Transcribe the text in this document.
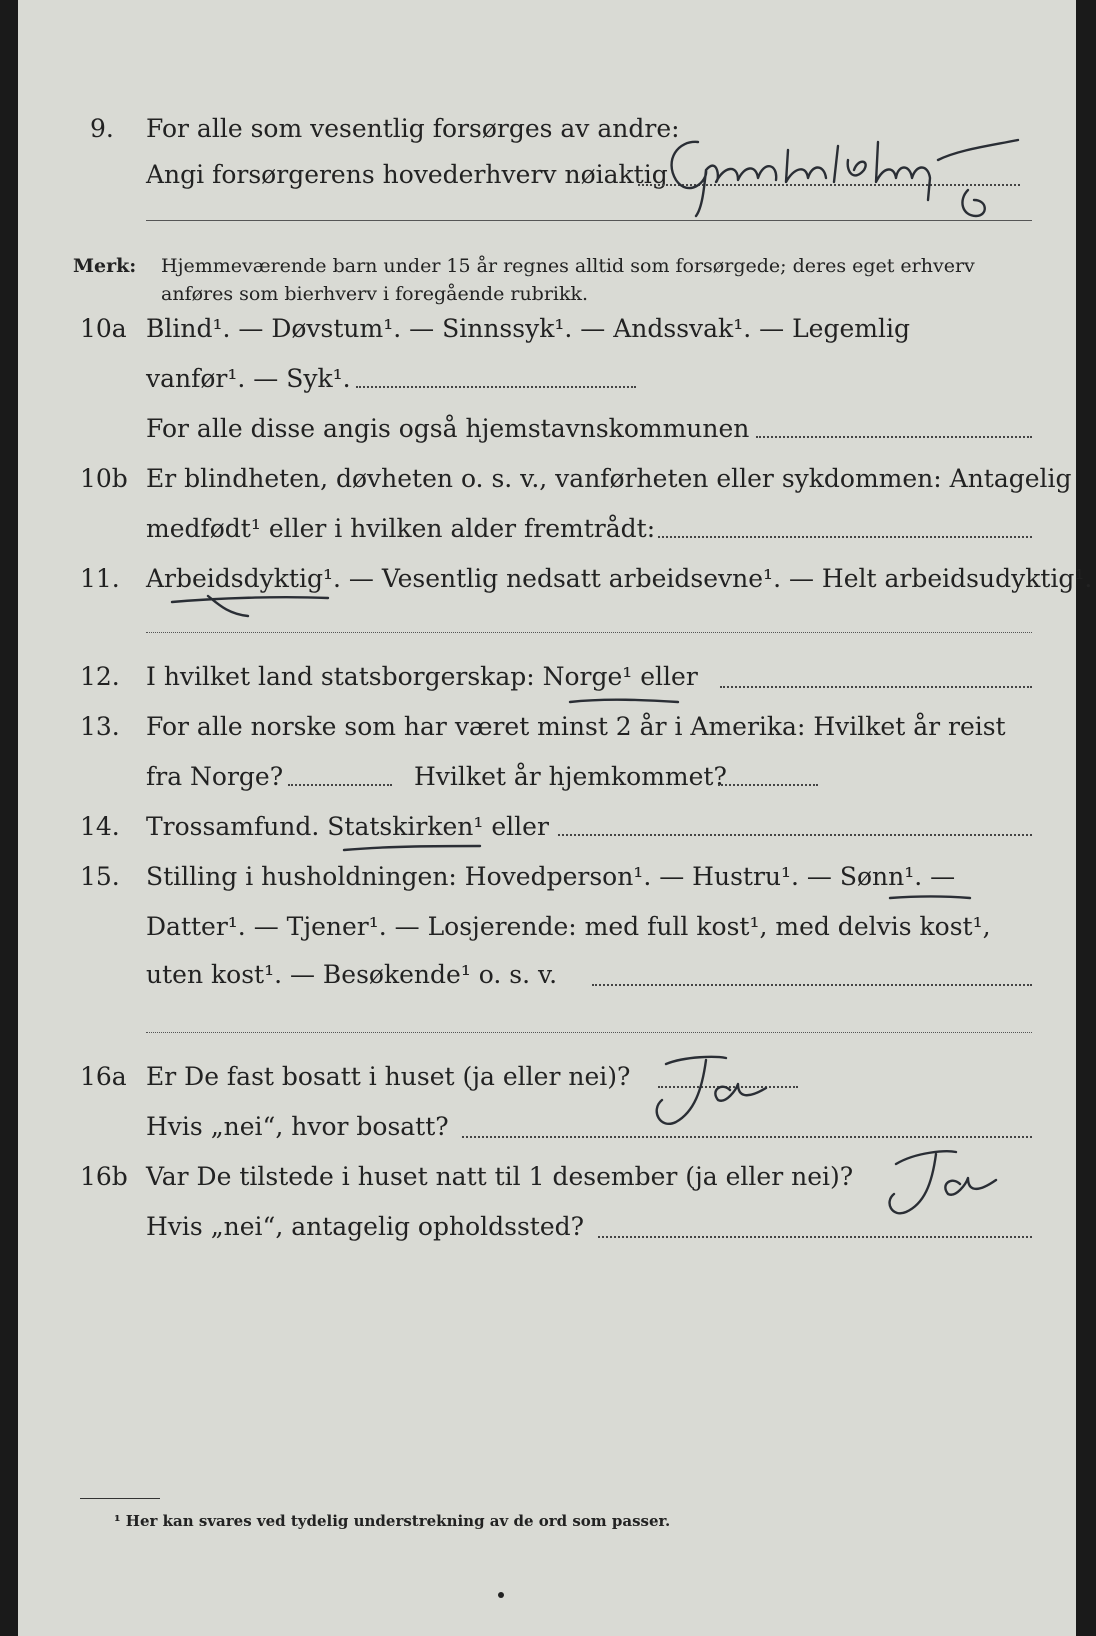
9. For alle som vesentlig forsørges av andre:
Angi forsørgerens hovederhverv nøiaktig
Merk: Hjemmeværende barn under 15 år regnes alltid som forsørgede; deres eget erhverv
anføres som bierhverv i foregående rubrikk.
10a Blind¹. — Døvstum¹. — Sinnssyk¹. — Andssvak¹. — Legemlig
vanfør¹. — Syk¹.
For alle disse angis også hjemstavnskommunen
10b Er blindheten, døvheten o. s. v., vanførheten eller sykdommen: Antagelig
medfødt¹ eller i hvilken alder fremtrådt:
11. Arbeidsdyktig¹. — Vesentlig nedsatt arbeidsevne¹. — Helt arbeidsudyktig¹.
12. I hvilket land statsborgerskap: Norge¹ eller
13. For alle norske som har været minst 2 år i Amerika: Hvilket år reist
fra Norge?	Hvilket år hjemkommet?
14. Trossamfund. Statskirken¹ eller
15. Stilling i husholdningen: Hovedperson¹. — Hustru¹. — Sønn¹. —
Datter¹. — Tjener¹. — Losjerende: med full kost¹, med delvis kost¹,
uten kost¹. — Besøkende¹ o. s. v.
16a Er De fast bosatt i huset (ja eller nei)?
Hvis „nei“, hvor bosatt?
16b Var De tilstede i huset natt til 1 desember (ja eller nei)?
Hvis „nei“, antagelig opholdssted?
¹ Her kan svares ved tydelig understrekning av de ord som passer.
